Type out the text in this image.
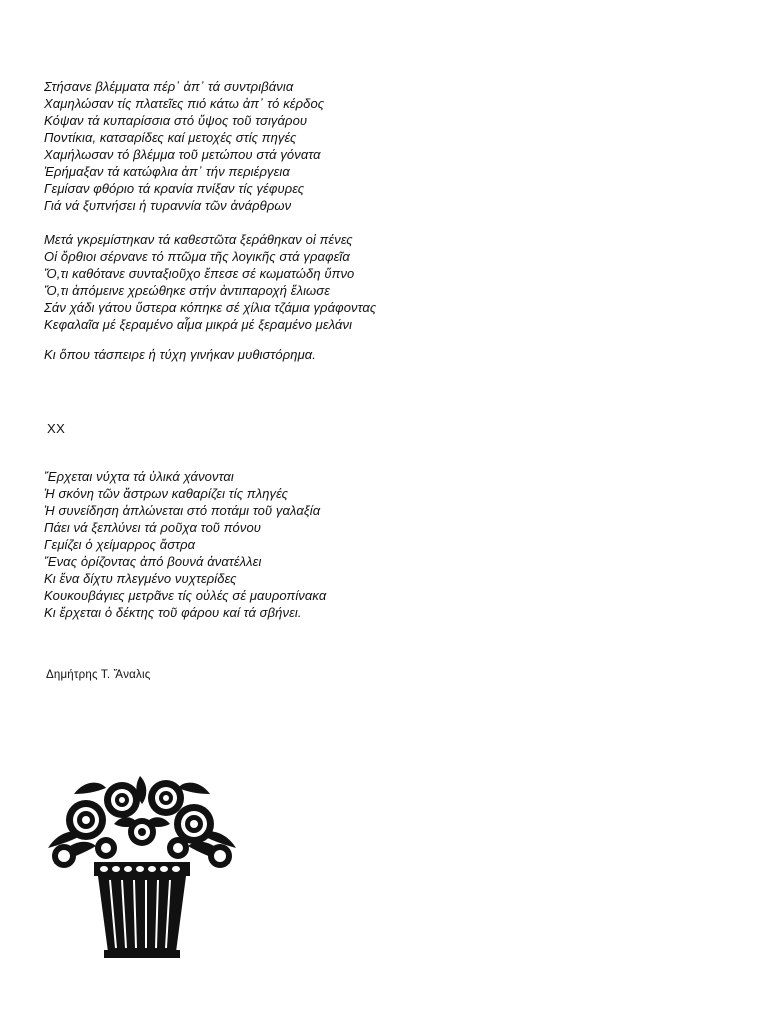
Στήσανε βλέμματα πέρ᾿ ἀπ᾿ τά συντριβάνια
Χαμηλώσαν τίς πλατεῖες πιό κάτω ἀπ᾿ τό κέρδος
Κόψαν τά κυπαρίσσια στό ὕψος τοῦ τσιγάρου
Ποντίκια, κατσαρίδες καί μετοχές στίς πηγές
Χαμήλωσαν τό βλέμμα τοῦ μετώπου στά γόνατα
Ἐρήμαξαν τά κατώφλια ἀπ᾿ τήν περιέργεια
Γεμίσαν φθόριο τά κρανία πνίξαν τίς γέφυρες
Γιά νά ξυπνήσει ἡ τυραννία τῶν ἀνάρθρων
Μετά γκρεμίστηκαν τά καθεστῶτα ξεράθηκαν οἱ πένες
Οἱ ὄρθιοι σέρνανε τό πτῶμα τῆς λογικῆς στά γραφεῖα
Ὅ,τι καθότανε συνταξιοῦχο ἔπεσε σέ κωματώδη ὕπνο
Ὅ,τι ἀπόμεινε χρεώθηκε στήν ἀντιπαροχή ἔλιωσε
Σάν χάδι γάτου ὕστερα κόπηκε σέ χίλια τζάμια γράφοντας
Κεφαλαῖα μέ ξεραμένο αἷμα μικρά μέ ξεραμένο μελάνι
Κι ὅπου τάσπειρε ἡ τύχη γινήκαν μυθιστόρημα.
XX
Ἔρχεται νύχτα τά ὑλικά χάνονται
Ἡ σκόνη τῶν ἄστρων καθαρίζει τίς πληγές
Ἡ συνείδηση ἁπλώνεται στό ποτάμι τοῦ γαλαξία
Πάει νά ξεπλύνει τά ροῦχα τοῦ πόνου
Γεμίζει ὁ χείμαρρος ἄστρα
Ἕνας ὁρίζοντας ἀπό βουνά ἀνατέλλει
Κι ἕνα δίχτυ πλεγμένο νυχτερίδες
Κουκουβάγιες μετρᾶνε τίς οὐλές σέ μαυροπίνακα
Κι ἔρχεται ὁ δέκτης τοῦ φάρου καί τά σβήνει.
Δημήτρης Τ. Ἄναλις
